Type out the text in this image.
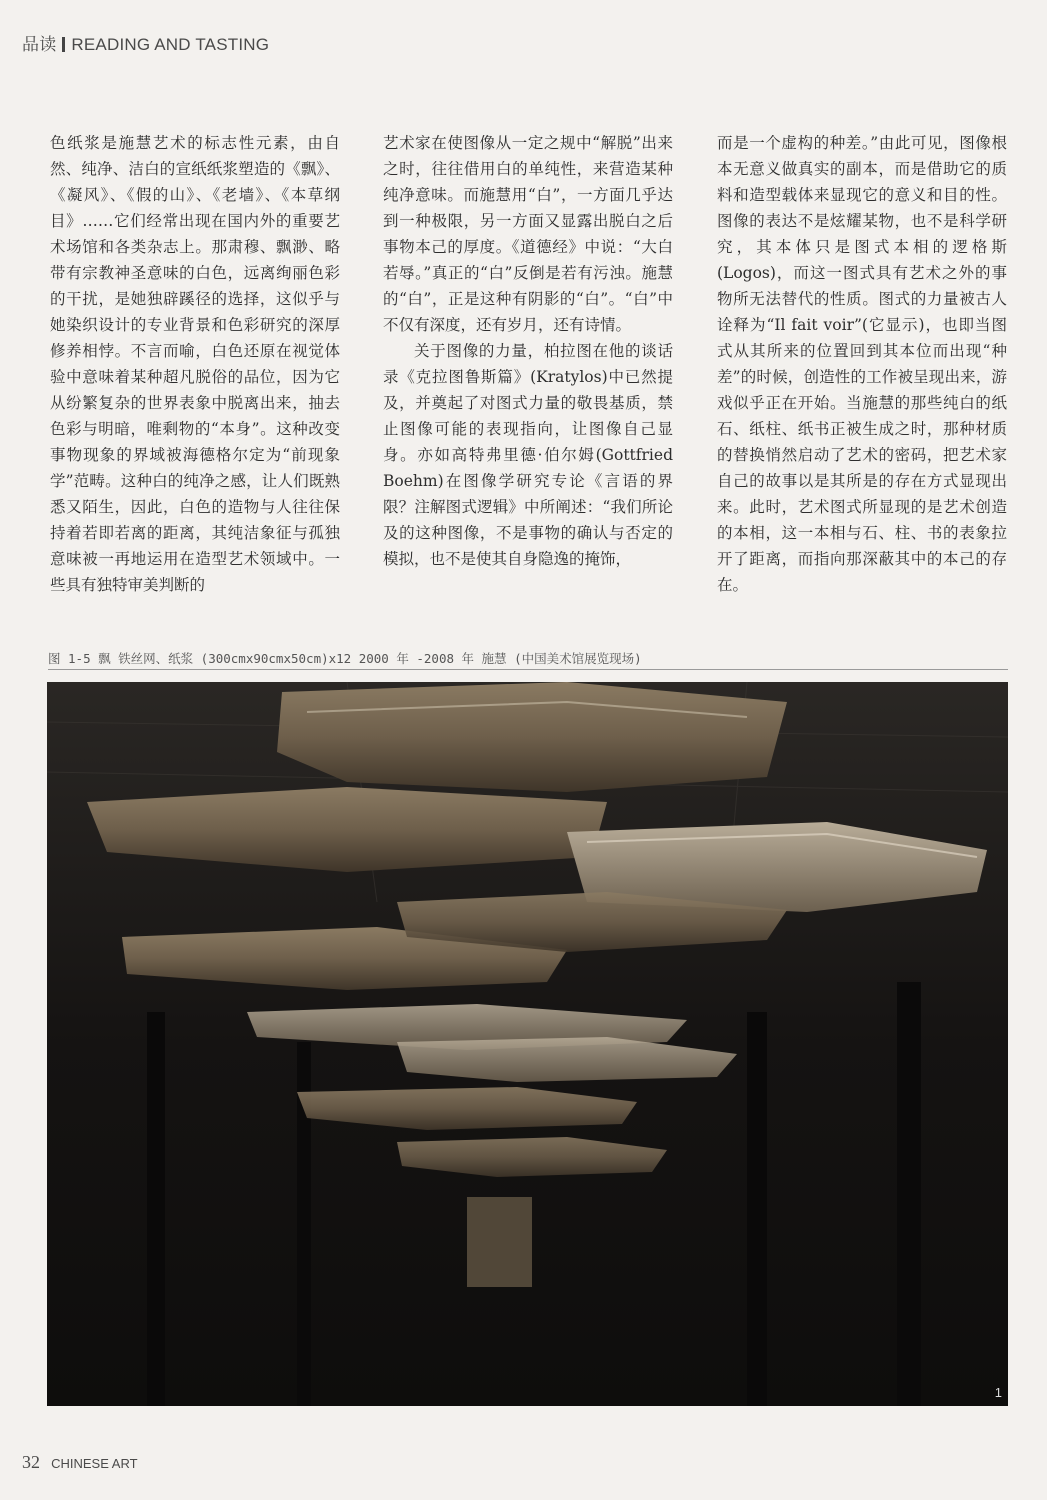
品读 READING AND TASTING

色纸浆是施慧艺术的标志性元素，由自然、纯净、洁白的宣纸纸浆塑造的《飘》、《凝风》、《假的山》、《老墙》、《本草纲目》……它们经常出现在国内外的重要艺术场馆和各类杂志上。那肃穆、飘渺、略带有宗教神圣意味的白色，远离绚丽色彩的干扰，是她独辟蹊径的选择，这似乎与她染织设计的专业背景和色彩研究的深厚修养相悖。不言而喻，白色还原在视觉体验中意味着某种超凡脱俗的品位，因为它从纷繁复杂的世界表象中脱离出来，抽去色彩与明暗，唯剩物的“本身”。这种改变事物现象的界域被海德格尔定为“前现象学”范畴。这种白的纯净之感，让人们既熟悉又陌生，因此，白色的造物与人往往保持着若即若离的距离，其纯洁象征与孤独意味被一再地运用在造型艺术领域中。一些具有独特审美判断的

艺术家在使图像从一定之规中“解脱”出来之时，往往借用白的单纯性，来营造某种纯净意味。而施慧用“白”，一方面几乎达到一种极限，另一方面又显露出脱白之后事物本己的厚度。《道德经》中说：“大白若辱。”真正的“白”反倒是若有污浊。施慧的“白”，正是这种有阴影的“白”。“白”中不仅有深度，还有岁月，还有诗情。

关于图像的力量，柏拉图在他的谈话录《克拉图鲁斯篇》(Kratylos)中已然提及，并奠起了对图式力量的敬畏基质，禁止图像可能的表现指向，让图像自己显身。亦如高特弗里德·伯尔姆(Gottfried Boehm)在图像学研究专论《言语的界限？注解图式逻辑》中所阐述：“我们所论及的这种图像，不是事物的确认与否定的模拟，也不是使其自身隐逸的掩饰，

而是一个虚构的种差。”由此可见，图像根本无意义做真实的副本，而是借助它的质料和造型载体来显现它的意义和目的性。图像的表达不是炫耀某物，也不是科学研究，其本体只是图式本相的逻格斯(Logos)，而这一图式具有艺术之外的事物所无法替代的性质。图式的力量被古人诠释为“Il fait voir”(它显示)，也即当图式从其所来的位置回到其本位而出现“种差”的时候，创造性的工作被呈现出来，游戏似乎正在开始。当施慧的那些纯白的纸石、纸柱、纸书正被生成之时，那种材质的替换悄然启动了艺术的密码，把艺术家自己的故事以是其所是的存在方式显现出来。此时，艺术图式所显现的是艺术创造的本相，这一本相与石、柱、书的表象拉开了距离，而指向那深蔽其中的本己的存在。

图 1-5 飘 铁丝网、纸浆 (300cmx90cmx50cm)x12 2000 年 -2008 年 施慧 (中国美术馆展览现场)
1
32 CHINESE ART
